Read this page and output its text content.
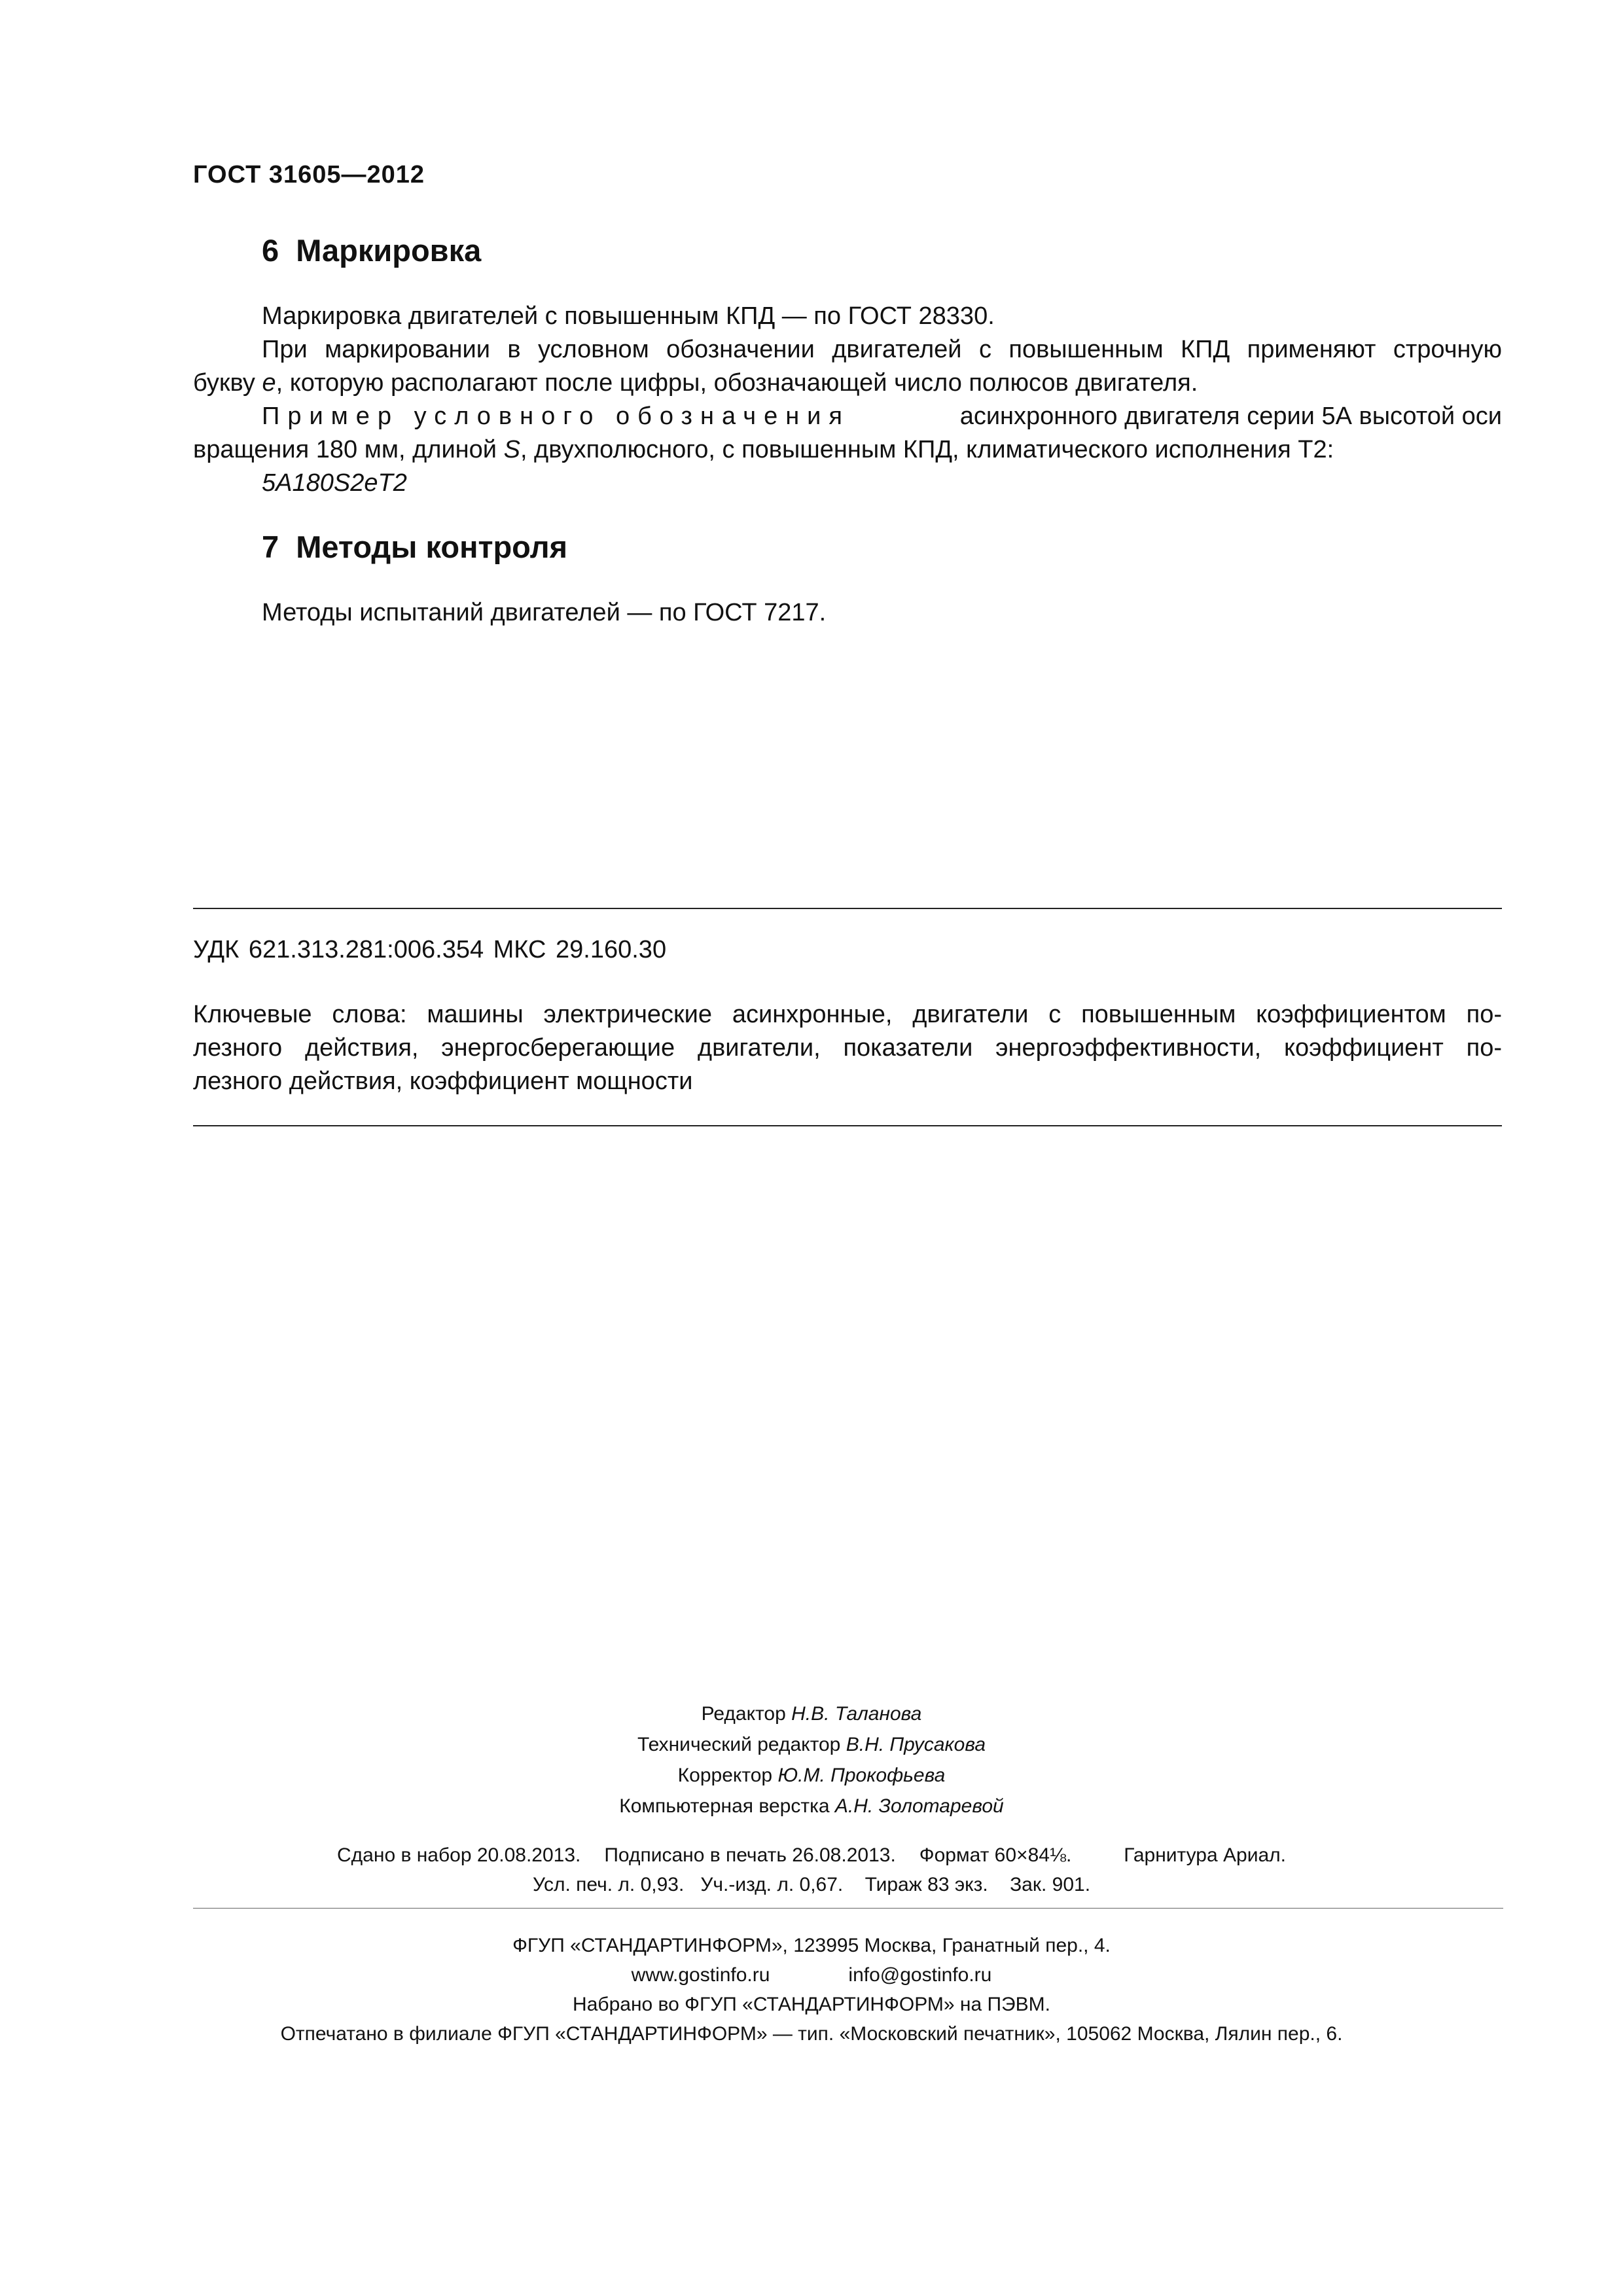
ГОСТ 31605—2012
6 Маркировка
Маркировка двигателей с повышенным КПД — по ГОСТ 28330.
При маркировании в условном обозначении двигателей с повышенным КПД применяют строчную
букву е, которую располагают после цифры, обозначающей число полюсов двигателя.
Пример условного обозначения	асинхронного двигателя серии 5А высотой оси
вращения 180 мм, длиной S, двухполюсного, с повышенным КПД, климатического исполнения Т2:
5А180S2еТ2
7 Методы контроля
Методы испытаний двигателей — по ГОСТ 7217.
УДК 621.313.281:006.354 МКС 29.160.30
Ключевые слова: машины электрические асинхронные, двигатели с повышенным коэффициентом по-
лезного действия, энергосберегающие двигатели, показатели энергоэффективности, коэффициент по-
лезного действия, коэффициент мощности
Редактор Н.В. Таланова
Технический редактор В.Н. Прусакова
Корректор Ю.М. Прокофьева
Компьютерная верстка А.Н. Золотаревой
Сдано в набор 20.08.2013. Подписано в печать 26.08.2013. Формат 60×84⅛.	Гарнитура Ариал.
Усл. печ. л. 0,93. Уч.-изд. л. 0,67. Тираж 83 экз. Зак. 901.
ФГУП «СТАНДАРТИНФОРМ», 123995 Москва, Гранатный пер., 4.
www.gostinfo.ru	info@gostinfo.ru
Набрано во ФГУП «СТАНДАРТИНФОРМ» на ПЭВМ.
Отпечатано в филиале ФГУП «СТАНДАРТИНФОРМ» — тип. «Московский печатник», 105062 Москва, Лялин пер., 6.
